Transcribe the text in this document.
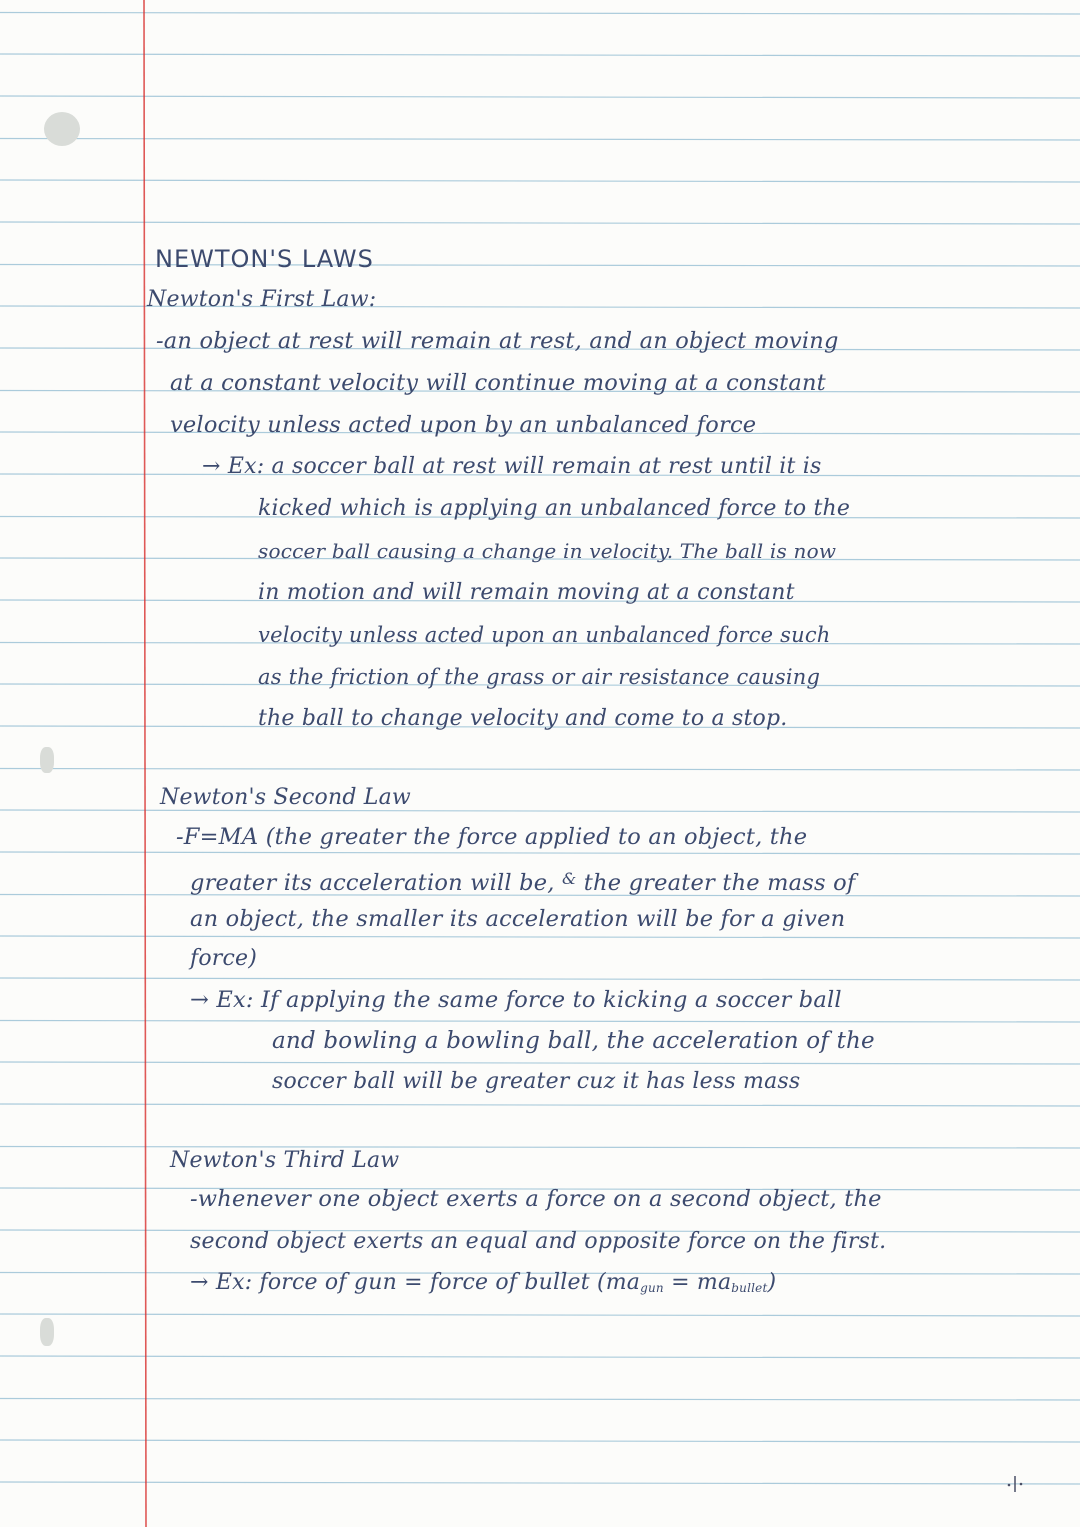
NEWTON'S LAWS
Newton's First Law:
-an object at rest will remain at rest, and an object moving
at a constant velocity will continue moving at a constant
velocity unless acted upon by an unbalanced force
→ Ex: a soccer ball at rest will remain at rest until it is
kicked which is applying an unbalanced force to the
soccer ball causing a change in velocity. The ball is now
in motion and will remain moving at a constant
velocity unless acted upon an unbalanced force such
as the friction of the grass or air resistance causing
the ball to change velocity and come to a stop.
Newton's Second Law
-F=MA (the greater the force applied to an object, the
greater its acceleration will be, & the greater the mass of
an object, the smaller its acceleration will be for a given
force)
→ Ex: If applying the same force to kicking a soccer ball
and bowling a bowling ball, the acceleration of the
soccer ball will be greater cuz it has less mass
Newton's Third Law
-whenever one object exerts a force on a second object, the
second object exerts an equal and opposite force on the first.
→ Ex: force of gun = force of bullet $(ma_{gun} = ma_{bullet})$
